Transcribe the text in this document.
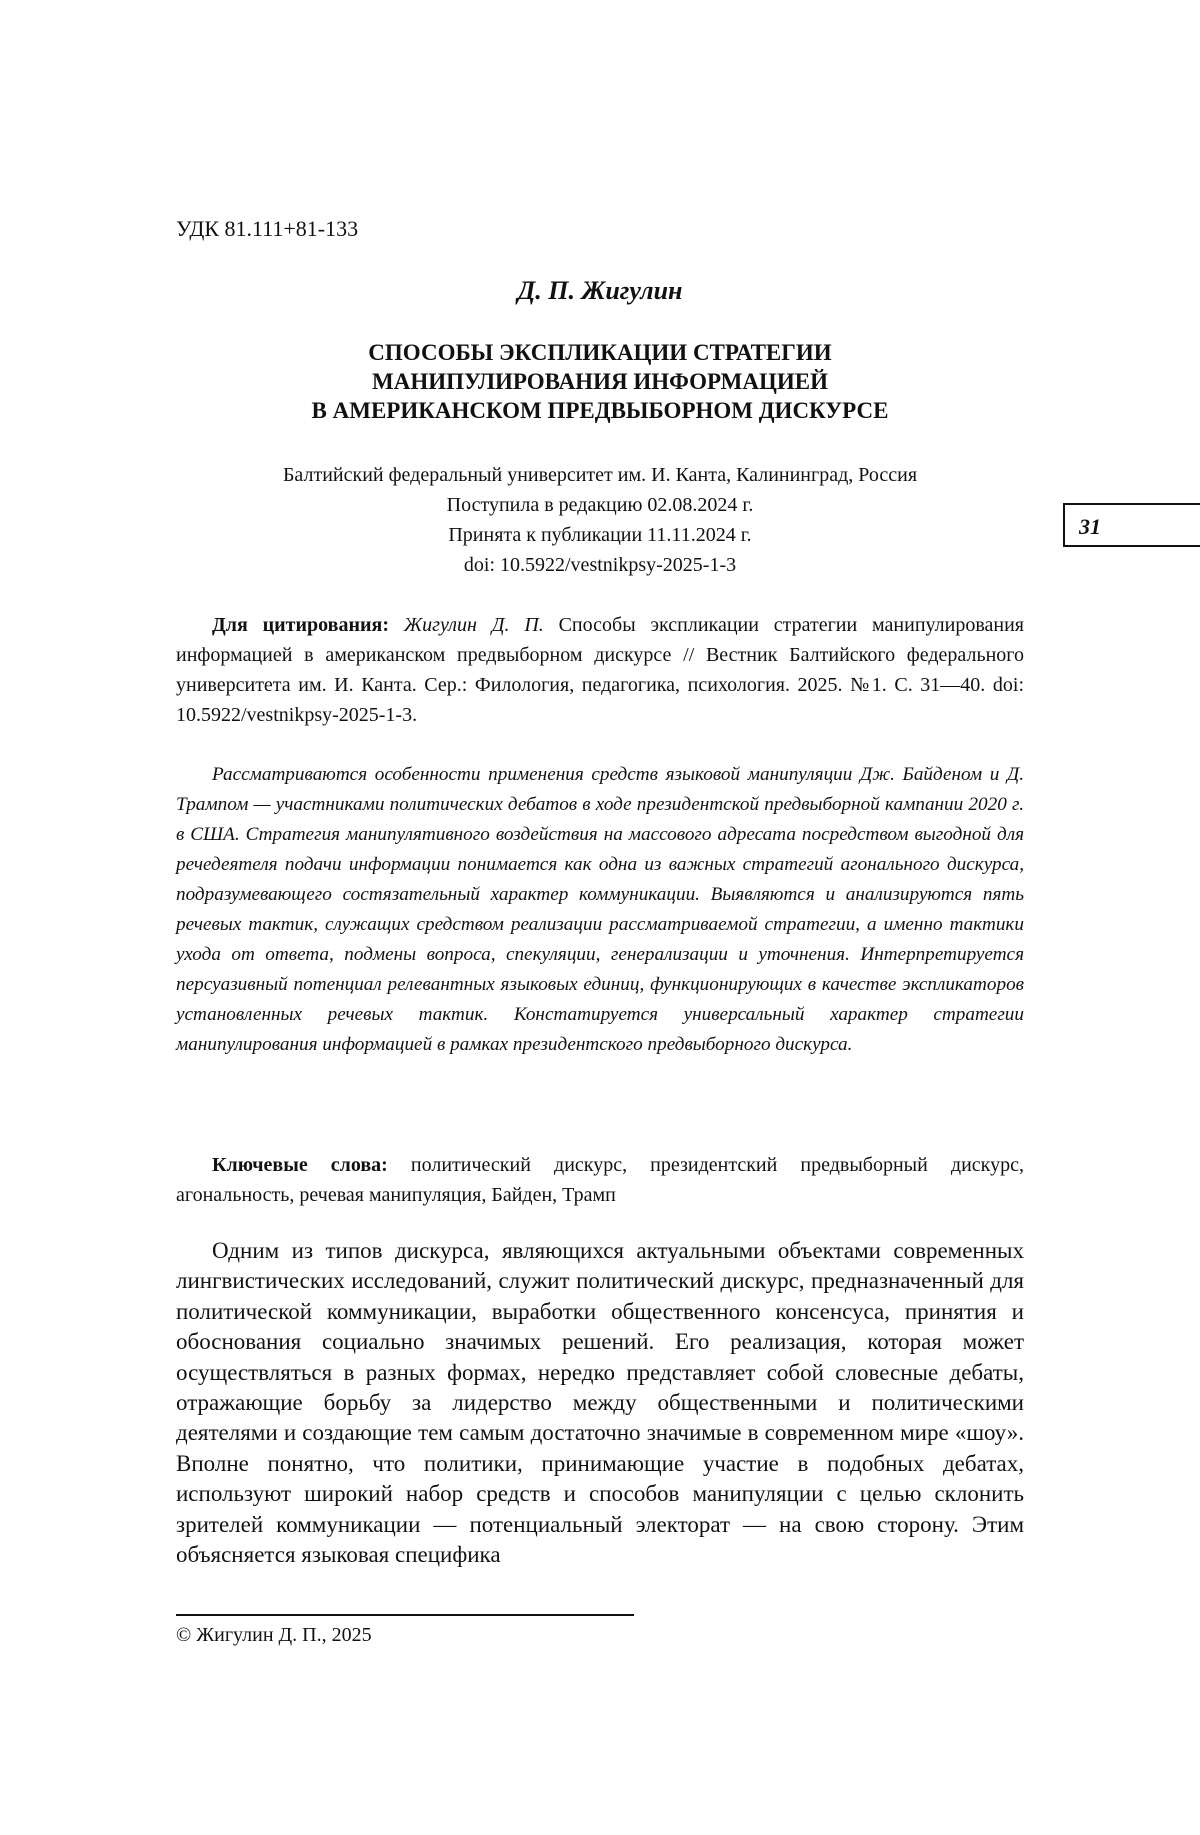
УДК 81.111+81-133
Д. П. Жигулин
СПОСОБЫ ЭКСПЛИКАЦИИ СТРАТЕГИИ
МАНИПУЛИРОВАНИЯ ИНФОРМАЦИЕЙ
В АМЕРИКАНСКОМ ПРЕДВЫБОРНОМ ДИСКУРСЕ
Балтийский федеральный университет им. И. Канта, Калининград, Россия
Поступила в редакцию 02.08.2024 г.
Принята к публикации 11.11.2024 г.
doi: 10.5922/vestnikpsy-2025-1-3
31
Для цитирования: Жигулин Д. П. Способы экспликации стратегии манипулирования информацией в американском предвыборном дискурсе // Вестник Балтийского федерального университета им. И. Канта. Сер.: Филология, педагогика, психология. 2025. №1. С. 31—40. doi: 10.5922/vestnikpsy-2025-1-3.
Рассматриваются особенности применения средств языковой манипуляции Дж. Байденом и Д. Трампом — участниками политических дебатов в ходе президентской предвыборной кампании 2020 г. в США. Стратегия манипулятивного воздействия на массового адресата посредством выгодной для речедеятеля подачи информации понимается как одна из важных стратегий агонального дискурса, подразумевающего состязательный характер коммуникации. Выявляются и анализируются пять речевых тактик, служащих средством реализации рассматриваемой стратегии, а именно тактики ухода от ответа, подмены вопроса, спекуляции, генерализации и уточнения. Интерпретируется персуазивный потенциал релевантных языковых единиц, функционирующих в качестве экспликаторов установленных речевых тактик. Констатируется универсальный характер стратегии манипулирования информацией в рамках президентского предвыборного дискурса.
Ключевые слова: политический дискурс, президентский предвыборный дискурс, агональность, речевая манипуляция, Байден, Трамп
Одним из типов дискурса, являющихся актуальными объектами современных лингвистических исследований, служит политический дискурс, предназначенный для политической коммуникации, выработки общественного консенсуса, принятия и обоснования социально значимых решений. Его реализация, которая может осуществляться в разных формах, нередко представляет собой словесные дебаты, отражающие борьбу за лидерство между общественными и политическими деятелями и создающие тем самым достаточно значимые в современном мире «шоу». Вполне понятно, что политики, принимающие участие в подобных дебатах, используют широкий набор средств и способов манипуляции с целью склонить зрителей коммуникации — потенциальный электорат — на свою сторону. Этим объясняется языковая специфика
© Жигулин Д. П., 2025
